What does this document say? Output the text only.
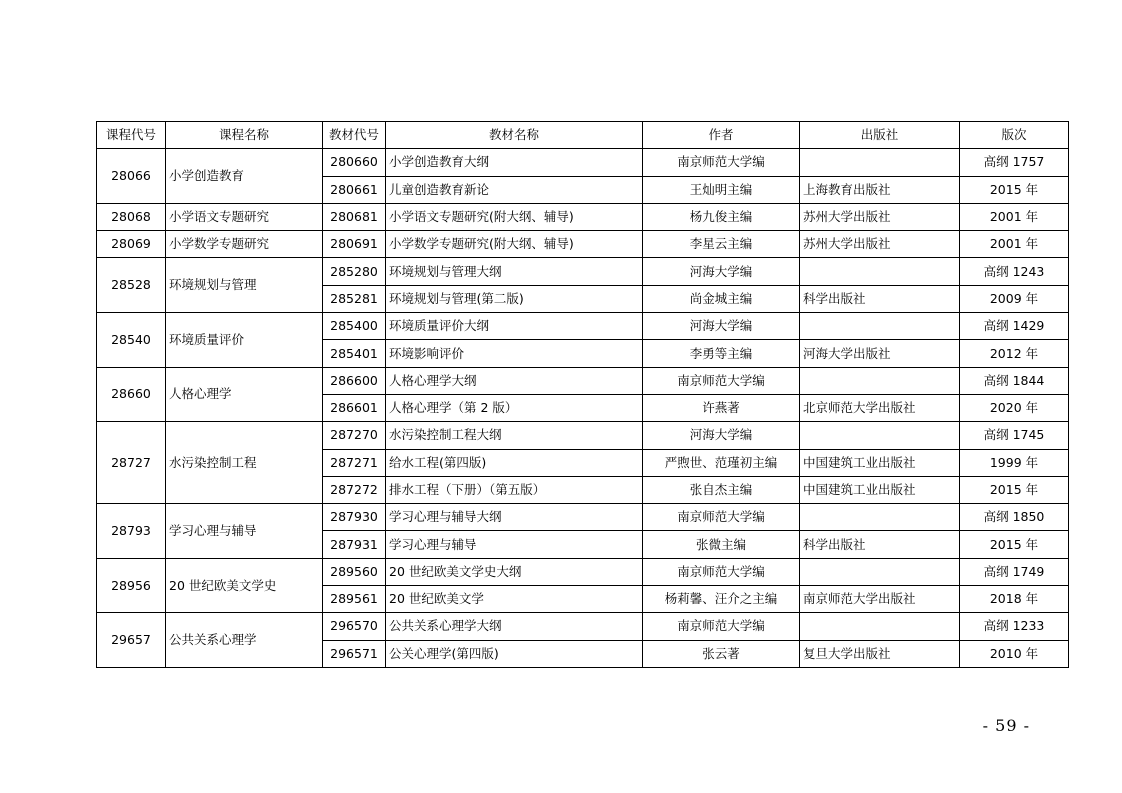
课程代号	课程名称	教材代号	教材名称	作者	出版社	版次
28066	小学创造教育	280660	小学创造教育大纲	南京师范大学编		高纲 1757
		280661	儿童创造教育新论	王灿明主编	上海教育出版社	2015 年
28068	小学语文专题研究	280681	小学语文专题研究(附大纲、辅导)	杨九俊主编	苏州大学出版社	2001 年
28069	小学数学专题研究	280691	小学数学专题研究(附大纲、辅导)	李星云主编	苏州大学出版社	2001 年
28528	环境规划与管理	285280	环境规划与管理大纲	河海大学编		高纲 1243
		285281	环境规划与管理(第二版)	尚金城主编	科学出版社	2009 年
28540	环境质量评价	285400	环境质量评价大纲	河海大学编		高纲 1429
		285401	环境影响评价	李勇等主编	河海大学出版社	2012 年
28660	人格心理学	286600	人格心理学大纲	南京师范大学编		高纲 1844
		286601	人格心理学（第 2 版）	许燕著	北京师范大学出版社	2020 年
28727	水污染控制工程	287270	水污染控制工程大纲	河海大学编		高纲 1745
		287271	给水工程(第四版)	严煦世、范瑾初主编	中国建筑工业出版社	1999 年
		287272	排水工程（下册）（第五版）	张自杰主编	中国建筑工业出版社	2015 年
28793	学习心理与辅导	287930	学习心理与辅导大纲	南京师范大学编		高纲 1850
		287931	学习心理与辅导	张微主编	科学出版社	2015 年
28956	20 世纪欧美文学史	289560	20 世纪欧美文学史大纲	南京师范大学编		高纲 1749
		289561	20 世纪欧美文学	杨莉馨、汪介之主编	南京师范大学出版社	2018 年
29657	公共关系心理学	296570	公共关系心理学大纲	南京师范大学编		高纲 1233
		296571	公关心理学(第四版)	张云著	复旦大学出版社	2010 年
- 59 -
